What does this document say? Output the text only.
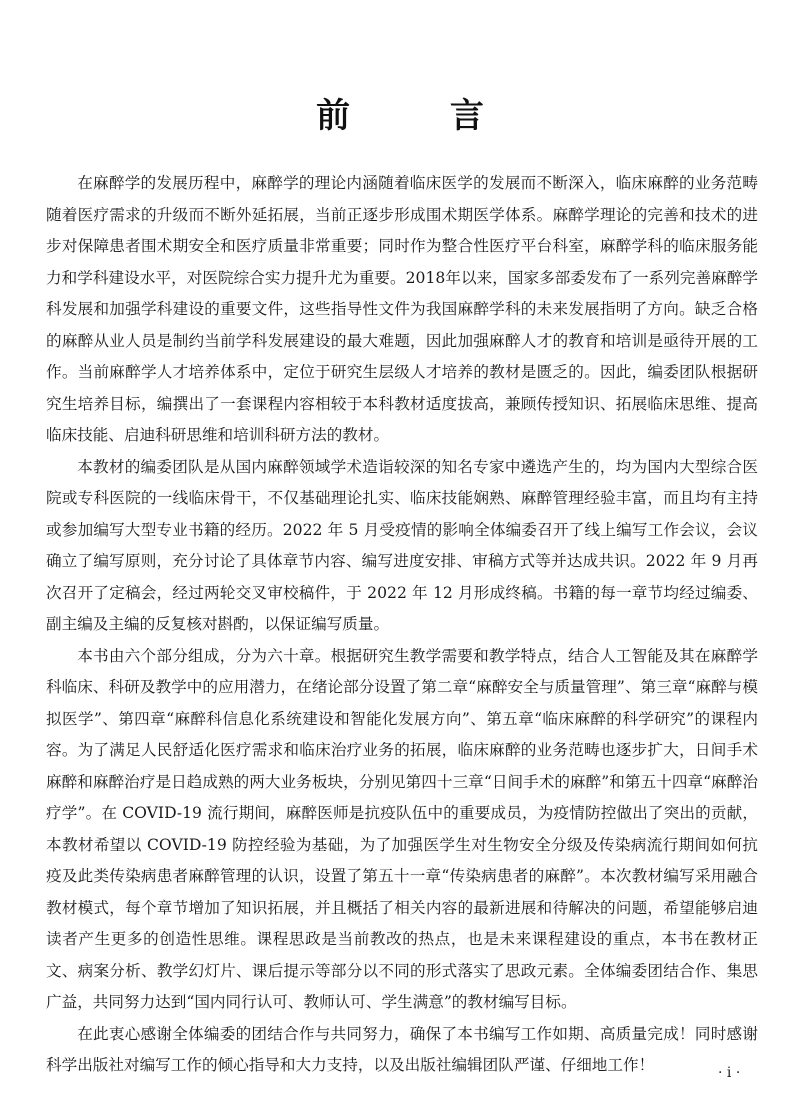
前 言

在麻醉学的发展历程中，麻醉学的理论内涵随着临床医学的发展而不断深入，临床麻醉的业务范畴随着医疗需求的升级而不断外延拓展，当前正逐步形成围术期医学体系。麻醉学理论的完善和技术的进步对保障患者围术期安全和医疗质量非常重要；同时作为整合性医疗平台科室，麻醉学科的临床服务能力和学科建设水平，对医院综合实力提升尤为重要。2018年以来，国家多部委发布了一系列完善麻醉学科发展和加强学科建设的重要文件，这些指导性文件为我国麻醉学科的未来发展指明了方向。缺乏合格的麻醉从业人员是制约当前学科发展建设的最大难题，因此加强麻醉人才的教育和培训是亟待开展的工作。当前麻醉学人才培养体系中，定位于研究生层级人才培养的教材是匮乏的。因此，编委团队根据研究生培养目标，编撰出了一套课程内容相较于本科教材适度拔高，兼顾传授知识、拓展临床思维、提高临床技能、启迪科研思维和培训科研方法的教材。

本教材的编委团队是从国内麻醉领域学术造诣较深的知名专家中遴选产生的，均为国内大型综合医院或专科医院的一线临床骨干，不仅基础理论扎实、临床技能娴熟、麻醉管理经验丰富，而且均有主持或参加编写大型专业书籍的经历。2022 年 5 月受疫情的影响全体编委召开了线上编写工作会议，会议确立了编写原则，充分讨论了具体章节内容、编写进度安排、审稿方式等并达成共识。2022 年 9 月再次召开了定稿会，经过两轮交叉审校稿件，于 2022 年 12 月形成终稿。书籍的每一章节均经过编委、副主编及主编的反复核对斟酌，以保证编写质量。

本书由六个部分组成，分为六十章。根据研究生教学需要和教学特点，结合人工智能及其在麻醉学科临床、科研及教学中的应用潜力，在绪论部分设置了第二章“麻醉安全与质量管理”、第三章“麻醉与模拟医学”、第四章“麻醉科信息化系统建设和智能化发展方向”、第五章“临床麻醉的科学研究”的课程内容。为了满足人民舒适化医疗需求和临床治疗业务的拓展，临床麻醉的业务范畴也逐步扩大，日间手术麻醉和麻醉治疗是日趋成熟的两大业务板块，分别见第四十三章“日间手术的麻醉”和第五十四章“麻醉治疗学”。在 COVID-19 流行期间，麻醉医师是抗疫队伍中的重要成员，为疫情防控做出了突出的贡献，本教材希望以 COVID-19 防控经验为基础，为了加强医学生对生物安全分级及传染病流行期间如何抗疫及此类传染病患者麻醉管理的认识，设置了第五十一章“传染病患者的麻醉”。本次教材编写采用融合教材模式，每个章节增加了知识拓展，并且概括了相关内容的最新进展和待解决的问题，希望能够启迪读者产生更多的创造性思维。课程思政是当前教改的热点，也是未来课程建设的重点，本书在教材正文、病案分析、教学幻灯片、课后提示等部分以不同的形式落实了思政元素。全体编委团结合作、集思广益，共同努力达到“国内同行认可、教师认可、学生满意”的教材编写目标。

在此衷心感谢全体编委的团结合作与共同努力，确保了本书编写工作如期、高质量完成！同时感谢科学出版社对编写工作的倾心指导和大力支持，以及出版社编辑团队严谨、仔细地工作！	· i ·
